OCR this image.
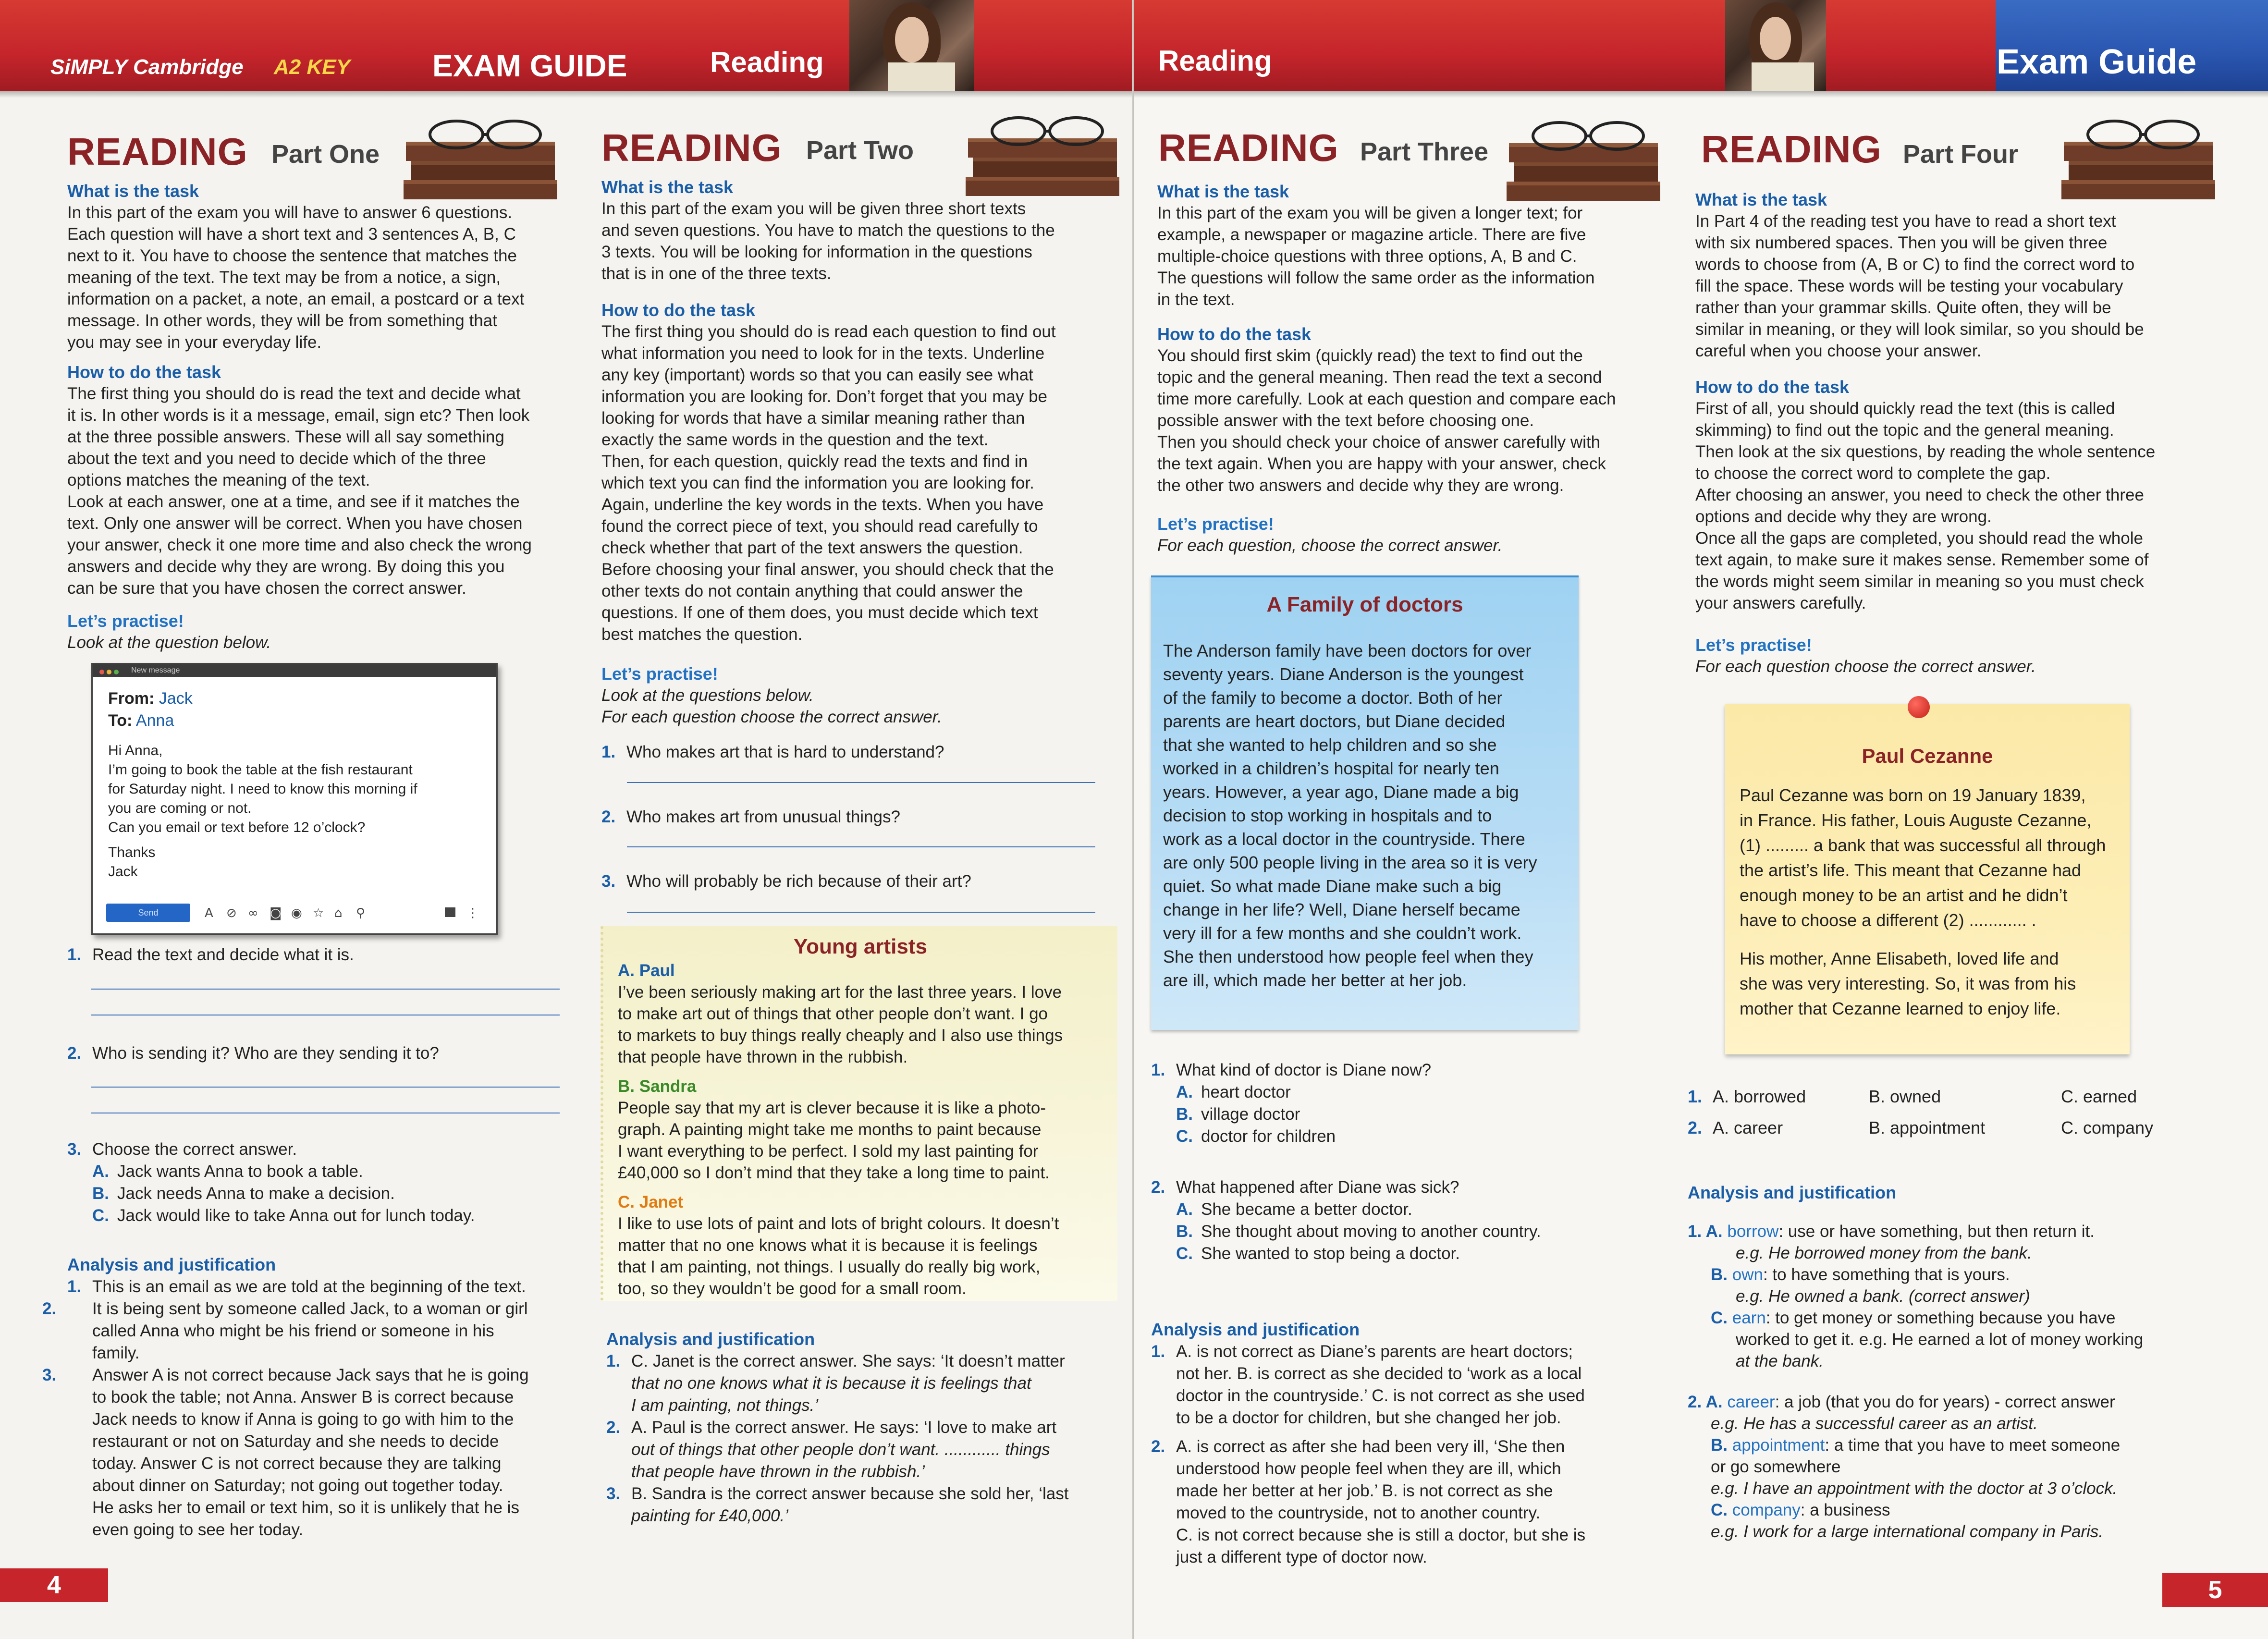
SiMPLY Cambridge A2 KEY	EXAM GUIDE	Reading
READING Part One

What is the task

In this part of the exam you will have to answer 6 questions.

Each question will have a short text and 3 sentences A, B, C

next to it. You have to choose the sentence that matches the

meaning of the text. The text may be from a notice, a sign,

information on a packet, a note, an email, a postcard or a text

message. In other words, they will be from something that

you may see in your everyday life.

How to do the task

The first thing you should do is read the text and decide what

it is. In other words is it a message, email, sign etc? Then look

at the three possible answers. These will all say something

about the text and you need to decide which of the three

options matches the meaning of the text.

Look at each answer, one at a time, and see if it matches the

text. Only one answer will be correct. When you have chosen

your answer, check it one more time and also check the wrong

answers and decide why they are wrong. By doing this you

can be sure that you have chosen the correct answer.

Let’s practise!

Look at the question below.

New message
From: Jack
To: Anna
Hi Anna,
I’m going to book the table at the fish restaurant
for Saturday night. I need to know this morning if
you are coming or not.
Can you email or text before 12 o’clock?
Thanks
Jack
Send	A ⊘ ∞ ◙ ◉ ☆ ⌂ ⚲	⋮
1. Read the text and decide what it is.
2. Who is sending it? Who are they sending it to?
3. Choose the correct answer.
A. Jack wants Anna to book a table.
B. Jack needs Anna to make a decision.
C. Jack would like to take Anna out for lunch today.
Analysis and justification
1. This is an email as we are told at the beginning of the text.
2. It is being sent by someone called Jack, to a woman or girl
called Anna who might be his friend or someone in his
family.
3. Answer A is not correct because Jack says that he is going
to book the table; not Anna. Answer B is correct because
Jack needs to know if Anna is going to go with him to the
restaurant or not on Saturday and she needs to decide
today. Answer C is not correct because they are talking
about dinner on Saturday; not going out together today.
He asks her to email or text him, so it is unlikely that he is
even going to see her today.
READING Part Two

What is the task

In this part of the exam you will be given three short texts

and seven questions. You have to match the questions to the

3 texts. You will be looking for information in the questions

that is in one of the three texts.

How to do the task

The first thing you should do is read each question to find out

what information you need to look for in the texts. Underline

any key (important) words so that you can easily see what

information you are looking for. Don’t forget that you may be

looking for words that have a similar meaning rather than

exactly the same words in the question and the text.

Then, for each question, quickly read the texts and find in

which text you can find the information you are looking for.

Again, underline the key words in the texts. When you have

found the correct piece of text, you should read carefully to

check whether that part of the text answers the question.

Before choosing your final answer, you should check that the

other texts do not contain anything that could answer the

questions. If one of them does, you must decide which text

best matches the question.

Let’s practise!

Look at the questions below.

For each question choose the correct answer.

1. Who makes art that is hard to understand?
2. Who makes art from unusual things?
3. Who will probably be rich because of their art?
Young artists
A. Paul
I’ve been seriously making art for the last three years. I love
to make art out of things that other people don’t want. I go
to markets to buy things really cheaply and I also use things
that people have thrown in the rubbish.
B. Sandra
People say that my art is clever because it is like a photo-
graph. A painting might take me months to paint because
I want everything to be perfect. I sold my last painting for
£40,000 so I don’t mind that they take a long time to paint.
C. Janet
I like to use lots of paint and lots of bright colours. It doesn’t
matter that no one knows what it is because it is feelings
that I am painting, not things. I usually do really big work,
too, so they wouldn’t be good for a small room.
Analysis and justification
1. C. Janet is the correct answer. She says: ‘It doesn’t matter
that no one knows what it is because it is feelings that
I am painting, not things.’
2. A. Paul is the correct answer. He says: ‘I love to make art
out of things that other people don’t want. ............ things
that people have thrown in the rubbish.’
3. B. Sandra is the correct answer because she sold her, ‘last
painting for £40,000.’
4
Reading	Exam Guide
READING Part Three

What is the task

In this part of the exam you will be given a longer text; for

example, a newspaper or magazine article. There are five

multiple-choice questions with three options, A, B and C.

The questions will follow the same order as the information

in the text.

How to do the task

You should first skim (quickly read) the text to find out the

topic and the general meaning. Then read the text a second

time more carefully. Look at each question and compare each

possible answer with the text before choosing one.

Then you should check your choice of answer carefully with

the text again. When you are happy with your answer, check

the other two answers and decide why they are wrong.

Let’s practise!

For each question, choose the correct answer.

A Family of doctors
The Anderson family have been doctors for over
seventy years. Diane Anderson is the youngest
of the family to become a doctor. Both of her
parents are heart doctors, but Diane decided
that she wanted to help children and so she
worked in a children’s hospital for nearly ten
years. However, a year ago, Diane made a big
decision to stop working in hospitals and to
work as a local doctor in the countryside. There
are only 500 people living in the area so it is very
quiet. So what made Diane make such a big
change in her life? Well, Diane herself became
very ill for a few months and she couldn’t work.
She then understood how people feel when they
are ill, which made her better at her job.
1. What kind of doctor is Diane now?
A. heart doctor
B. village doctor
C. doctor for children
2. What happened after Diane was sick?
A. She became a better doctor.
B. She thought about moving to another country.
C. She wanted to stop being a doctor.
Analysis and justification
1. A. is not correct as Diane’s parents are heart doctors;
not her. B. is correct as she decided to ‘work as a local
doctor in the countryside.’ C. is not correct as she used
to be a doctor for children, but she changed her job.
2. A. is correct as after she had been very ill, ‘She then
understood how people feel when they are ill, which
made her better at her job.’ B. is not correct as she
moved to the countryside, not to another country.
C. is not correct because she is still a doctor, but she is
just a different type of doctor now.
READING Part Four

What is the task

In Part 4 of the reading test you have to read a short text

with six numbered spaces. Then you will be given three

words to choose from (A, B or C) to find the correct word to

fill the space. These words will be testing your vocabulary

rather than your grammar skills. Quite often, they will be

similar in meaning, or they will look similar, so you should be

careful when you choose your answer.

How to do the task

First of all, you should quickly read the text (this is called

skimming) to find out the topic and the general meaning.

Then look at the six questions, by reading the whole sentence

to choose the correct word to complete the gap.

After choosing an answer, you need to check the other three

options and decide why they are wrong.

Once all the gaps are completed, you should read the whole

text again, to make sure it makes sense. Remember some of

the words might seem similar in meaning so you must check

your answers carefully.

Let’s practise!

For each question choose the correct answer.

Paul Cezanne
Paul Cezanne was born on 19 January 1839,
in France. His father, Louis Auguste Cezanne,
(1) ......... a bank that was successful all through
the artist’s life. This meant that Cezanne had
enough money to be an artist and he didn’t
have to choose a different (2) ............ .
His mother, Anne Elisabeth, loved life and
she was very interesting. So, it was from his
mother that Cezanne learned to enjoy life.
1. A. borrowed	B. owned	C. earned
2. A. career	B. appointment	C. company
Analysis and justification
1. A. borrow: use or have something, but then return it.
e.g. He borrowed money from the bank.
B. own: to have something that is yours.
e.g. He owned a bank. (correct answer)
C. earn: to get money or something because you have
worked to get it. e.g. He earned a lot of money working
at the bank.
2. A. career: a job (that you do for years) - correct answer
e.g. He has a successful career as an artist.
B. appointment: a time that you have to meet someone
or go somewhere
e.g. I have an appointment with the doctor at 3 o’clock.
C. company: a business
e.g. I work for a large international company in Paris.
5
